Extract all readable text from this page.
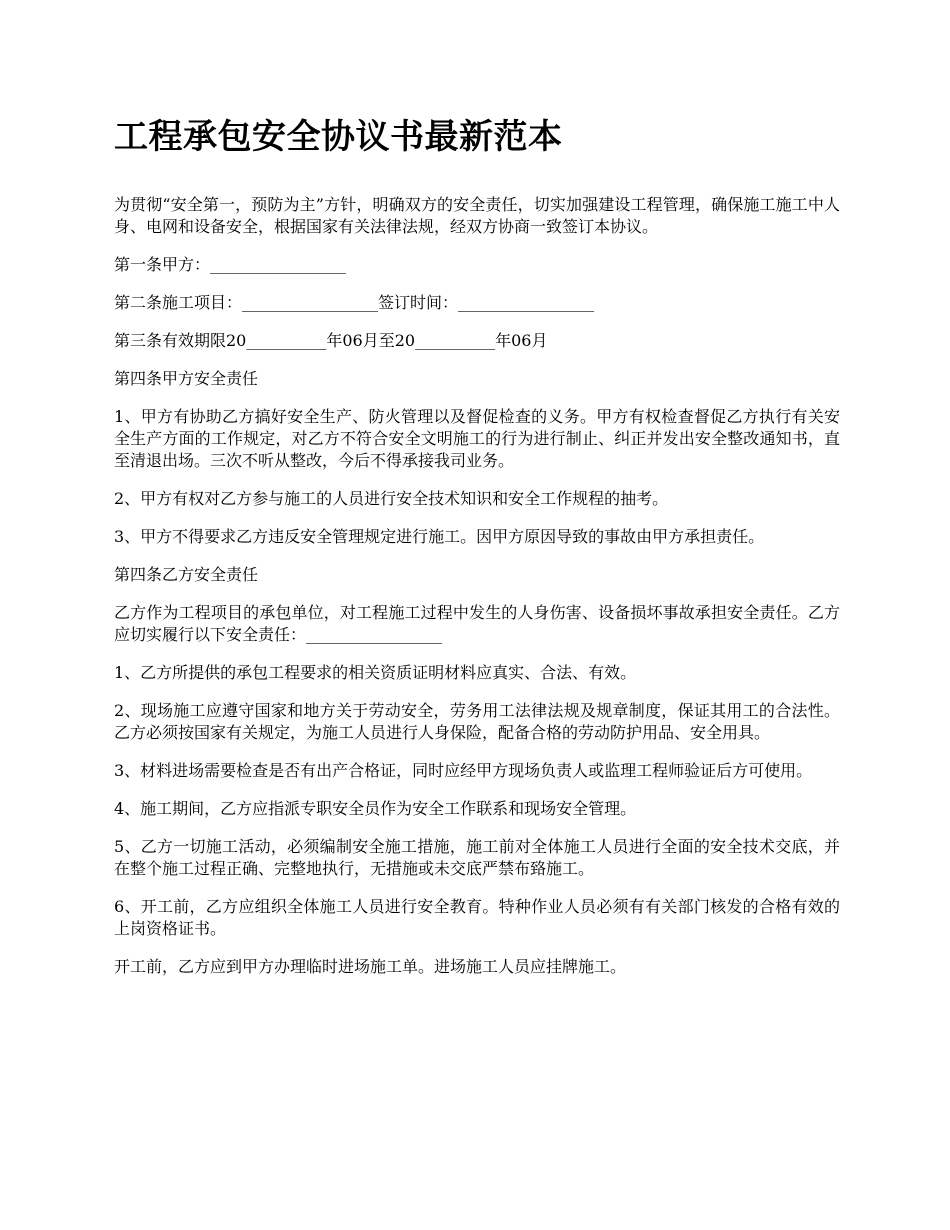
工程承包安全协议书最新范本

为贯彻“安全第一，预防为主”方针，明确双方的安全责任，切实加强建设工程管理，确保施工施工中人身、电网和设备安全，根据国家有关法律法规，经双方协商一致签订本协议。

第一条甲方：_________________

第二条施工项目：_________________签订时间：_________________

第三条有效期限20__________年06月至20__________年06月

第四条甲方安全责任

1、甲方有协助乙方搞好安全生产、防火管理以及督促检查的义务。甲方有权检查督促乙方执行有关安全生产方面的工作规定，对乙方不符合安全文明施工的行为进行制止、纠正并发出安全整改通知书，直至清退出场。三次不听从整改，今后不得承接我司业务。

2、甲方有权对乙方参与施工的人员进行安全技术知识和安全工作规程的抽考。

3、甲方不得要求乙方违反安全管理规定进行施工。因甲方原因导致的事故由甲方承担责任。

第四条乙方安全责任

乙方作为工程项目的承包单位，对工程施工过程中发生的人身伤害、设备损坏事故承担安全责任。乙方应切实履行以下安全责任：_________________

1、乙方所提供的承包工程要求的相关资质证明材料应真实、合法、有效。

2、现场施工应遵守国家和地方关于劳动安全，劳务用工法律法规及规章制度，保证其用工的合法性。乙方必须按国家有关规定，为施工人员进行人身保险，配备合格的劳动防护用品、安全用具。

3、材料进场需要检查是否有出产合格证，同时应经甲方现场负责人或监理工程师验证后方可使用。

4、施工期间，乙方应指派专职安全员作为安全工作联系和现场安全管理。

5、乙方一切施工活动，必须编制安全施工措施，施工前对全体施工人员进行全面的安全技术交底，并在整个施工过程正确、完整地执行，无措施或未交底严禁布臵施工。

6、开工前，乙方应组织全体施工人员进行安全教育。特种作业人员必须有有关部门核发的合格有效的上岗资格证书。

开工前，乙方应到甲方办理临时进场施工单。进场施工人员应挂牌施工。
